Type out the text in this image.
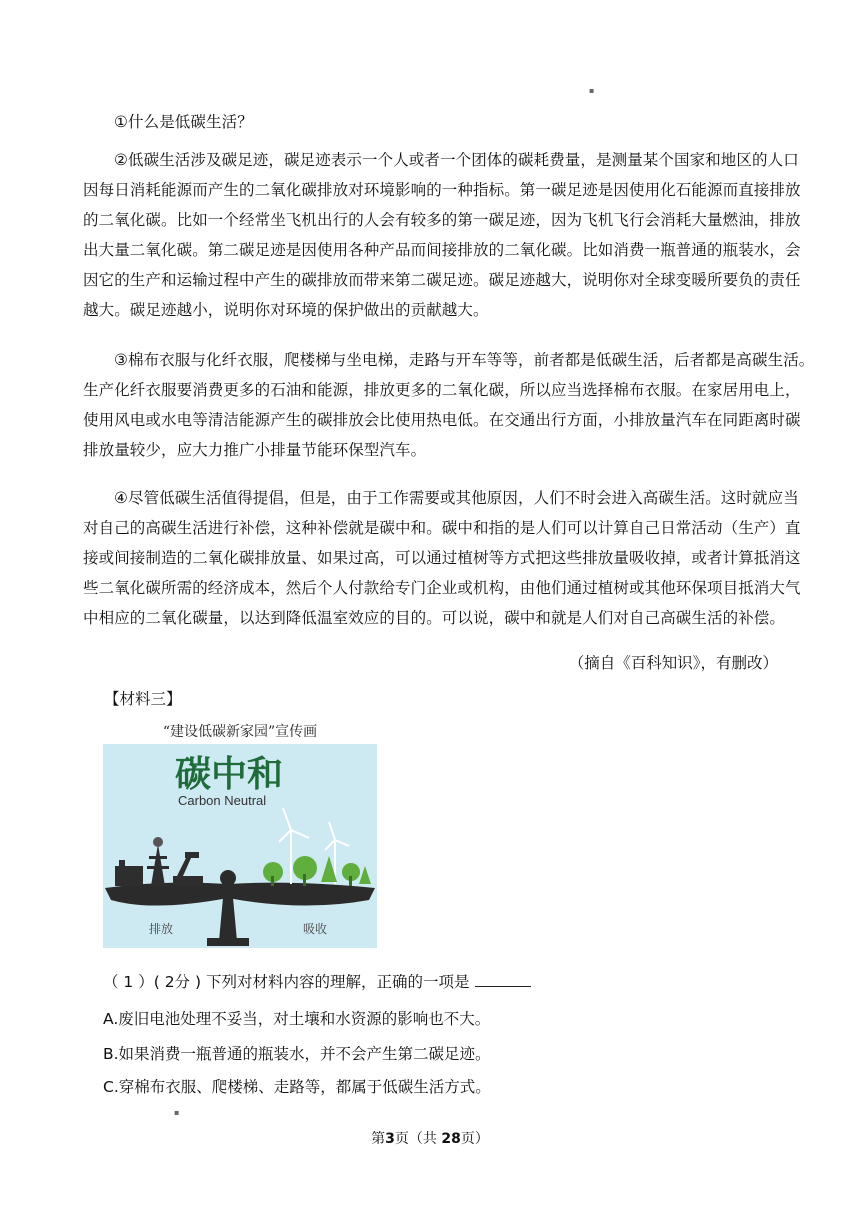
▪

①什么是低碳生活？

②低碳生活涉及碳足迹，碳足迹表示一个人或者一个团体的碳耗费量，是测量某个国家和地区的人口
因每日消耗能源而产生的二氧化碳排放对环境影响的一种指标。第一碳足迹是因使用化石能源而直接排放
的二氧化碳。比如一个经常坐飞机出行的人会有较多的第一碳足迹，因为飞机飞行会消耗大量燃油，排放
出大量二氧化碳。第二碳足迹是因使用各种产品而间接排放的二氧化碳。比如消费一瓶普通的瓶装水，会
因它的生产和运输过程中产生的碳排放而带来第二碳足迹。碳足迹越大，说明你对全球变暖所要负的责任
越大。碳足迹越小，说明你对环境的保护做出的贡献越大。

③棉布衣服与化纤衣服，爬楼梯与坐电梯，走路与开车等等，前者都是低碳生活，后者都是高碳生活。
生产化纤衣服要消费更多的石油和能源，排放更多的二氧化碳，所以应当选择棉布衣服。在家居用电上，
使用风电或水电等清洁能源产生的碳排放会比使用热电低。在交通出行方面，小排放量汽车在同距离时碳
排放量较少，应大力推广小排量节能环保型汽车。

④尽管低碳生活值得提倡，但是，由于工作需要或其他原因，人们不时会进入高碳生活。这时就应当
对自己的高碳生活进行补偿，这种补偿就是碳中和。碳中和指的是人们可以计算自己日常活动（生产）直
接或间接制造的二氧化碳排放量、如果过高，可以通过植树等方式把这些排放量吸收掉，或者计算抵消这
些二氧化碳所需的经济成本，然后个人付款给专门企业或机构，由他们通过植树或其他环保项目抵消大气
中相应的二氧化碳量，以达到降低温室效应的目的。可以说，碳中和就是人们对自己高碳生活的补偿。

（摘自《百科知识》，有删改）
【材料三】
“建设低碳新家园”宣传画
碳中和
Carbon Neutral
排放	吸收
（ 1 ）( 2分 ) 下列对材料内容的理解，正确的一项是
A.废旧电池处理不妥当，对土壤和水资源的影响也不大。
B.如果消费一瓶普通的瓶装水，并不会产生第二碳足迹。
C.穿棉布衣服、爬楼梯、走路等，都属于低碳生活方式。
▪
第3页（共 28页）
